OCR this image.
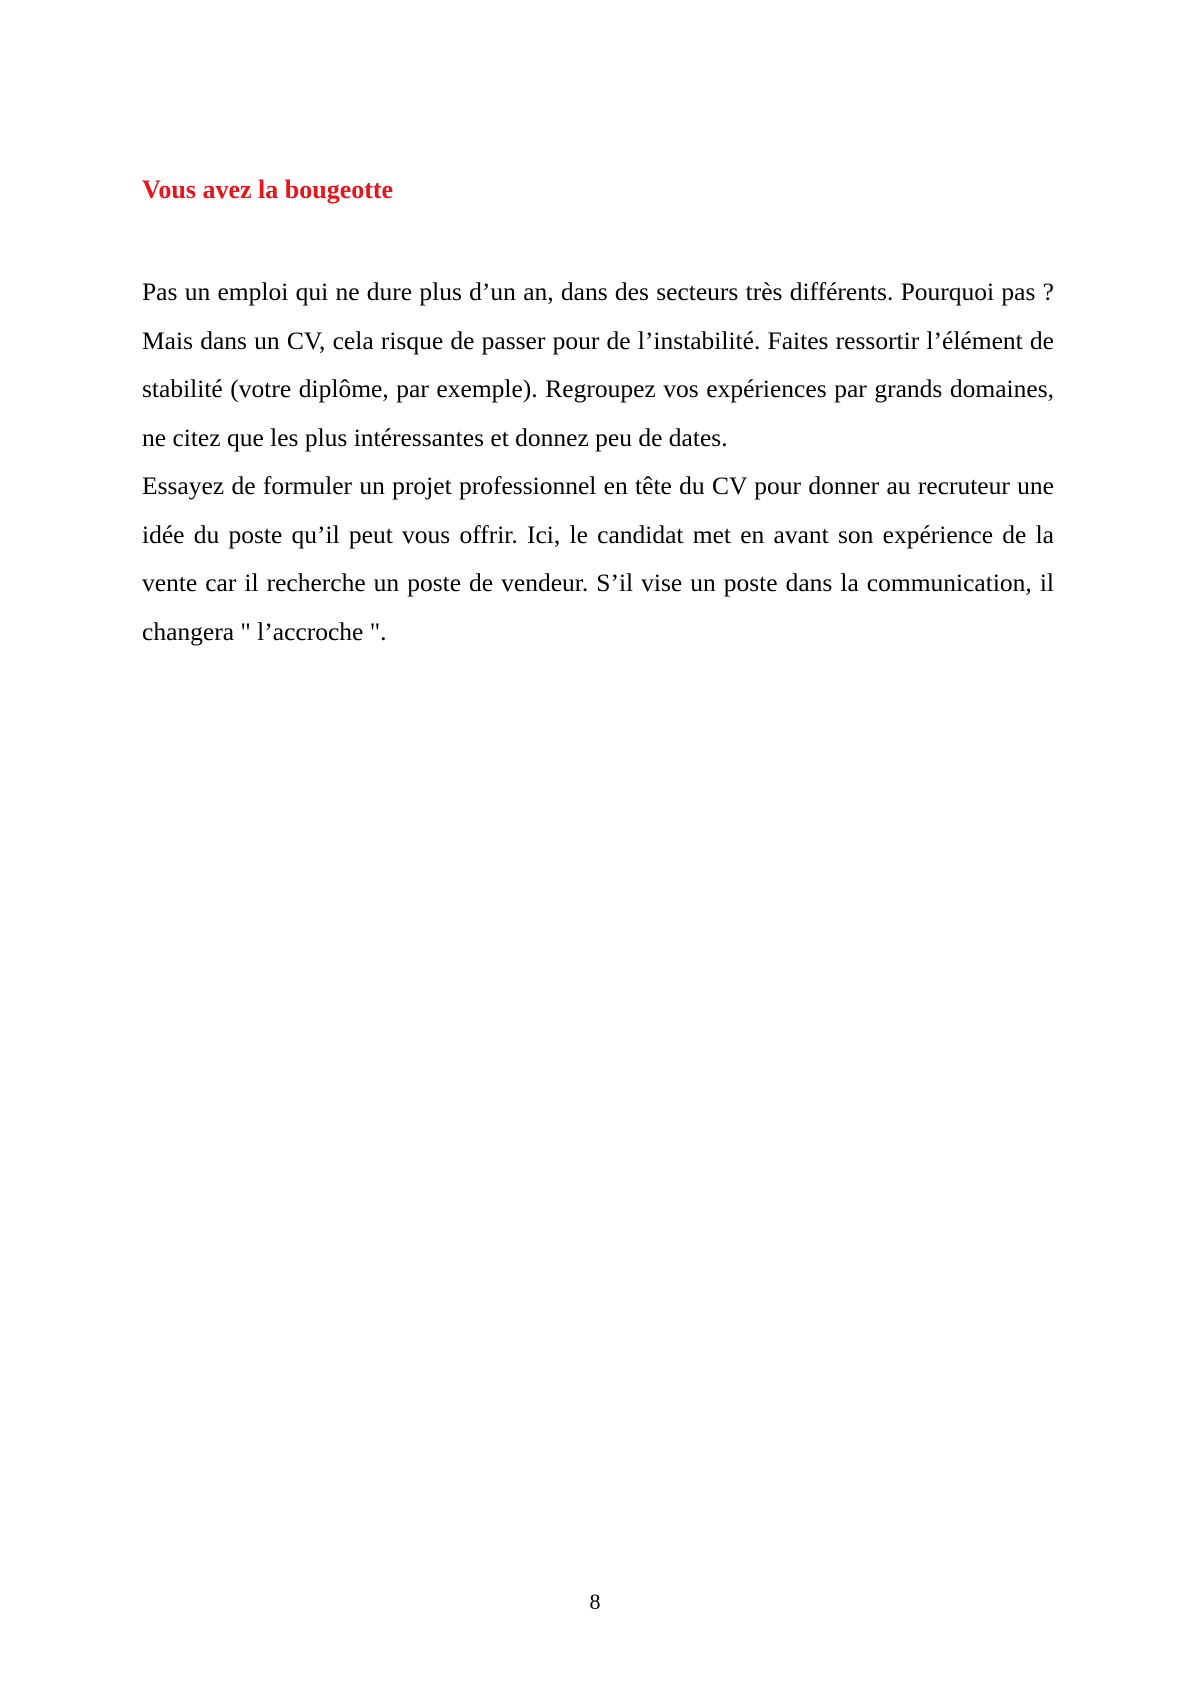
Vous avez la bougeotte

Pas un emploi qui ne dure plus d’un an, dans des secteurs très différents. Pourquoi pas ? Mais dans un CV, cela risque de passer pour de l’instabilité. Faites ressortir l’élément de stabilité (votre diplôme, par exemple). Regroupez vos expériences par grands domaines, ne citez que les plus intéressantes et donnez peu de dates.

Essayez de formuler un projet professionnel en tête du CV pour donner au recruteur une idée du poste qu’il peut vous offrir. Ici, le candidat met en avant son expérience de la vente car il recherche un poste de vendeur. S’il vise un poste dans la communication, il changera " l’accroche ".

8
